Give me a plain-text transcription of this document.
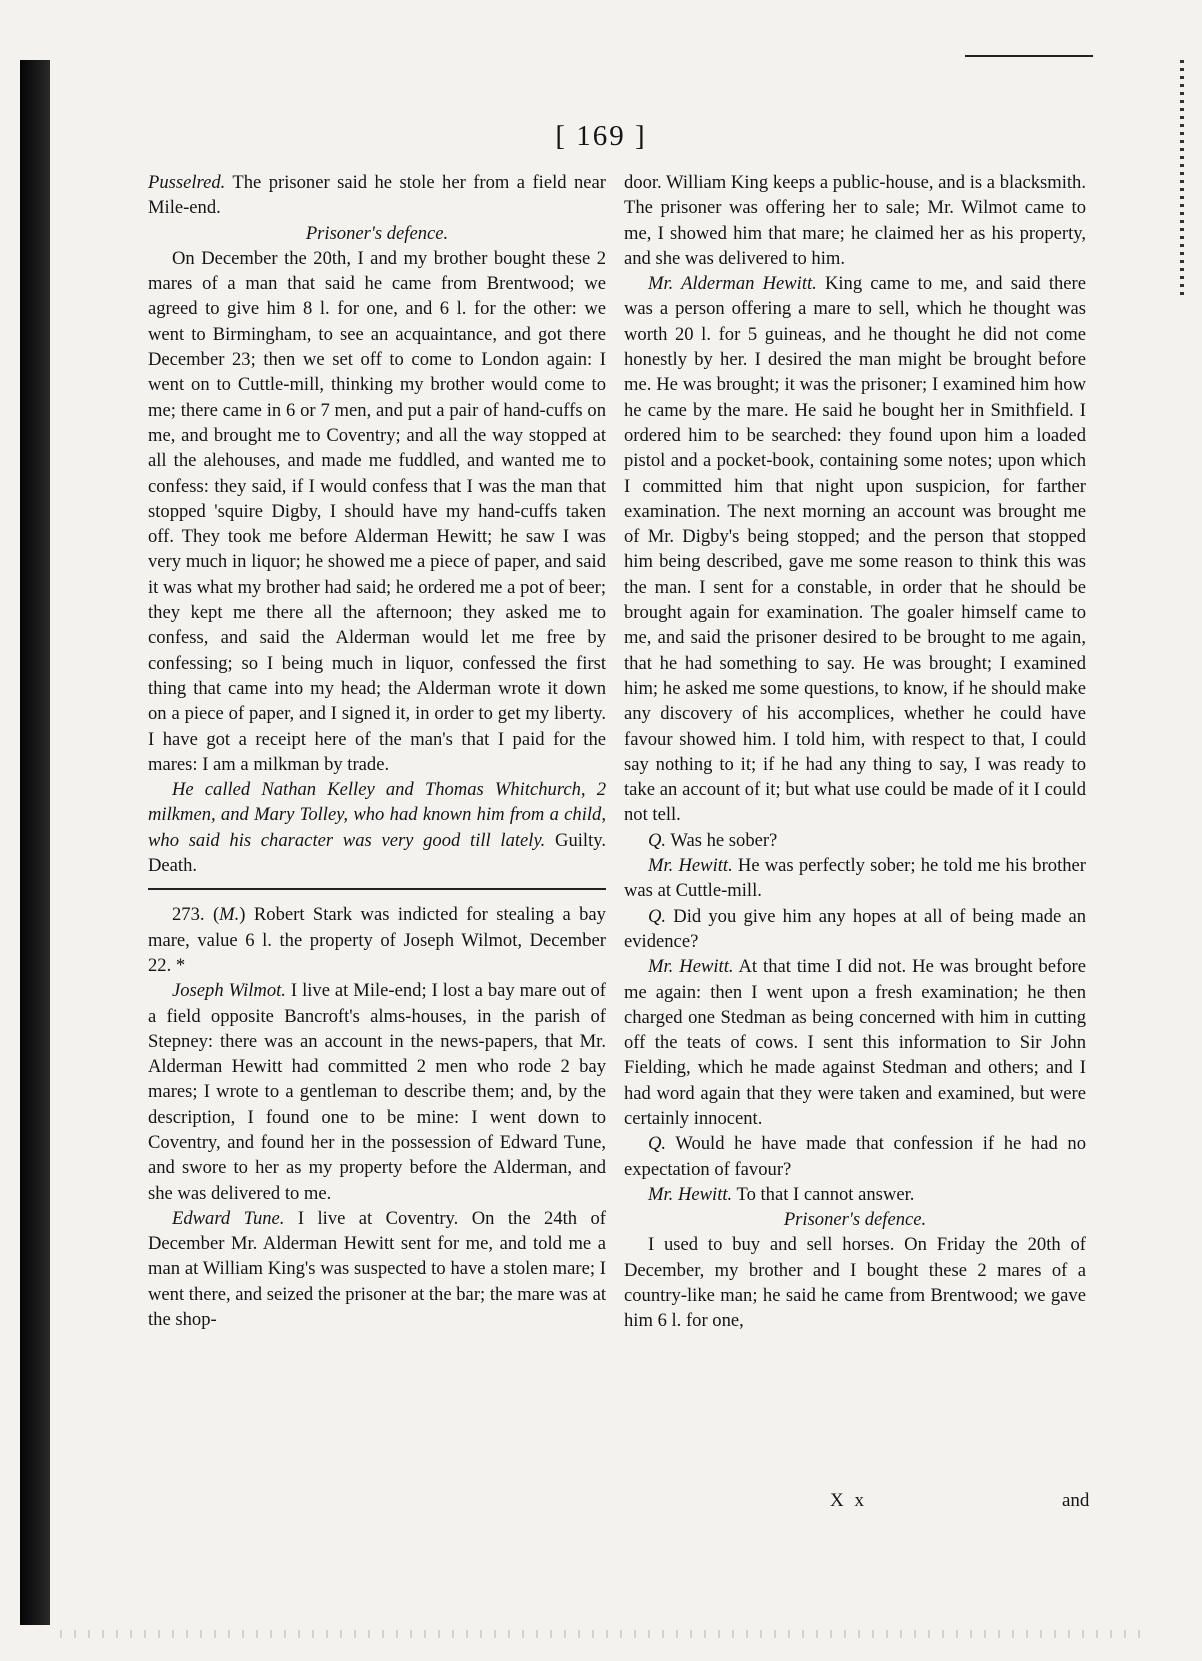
[ 169 ]

Pusselred. The prisoner said he stole her from a field near Mile-end.

Prisoner's defence.

On December the 20th, I and my brother bought these 2 mares of a man that said he came from Brentwood; we agreed to give him 8 l. for one, and 6 l. for the other: we went to Birmingham, to see an acquaintance, and got there December 23; then we set off to come to London again: I went on to Cuttle-mill, thinking my brother would come to me; there came in 6 or 7 men, and put a pair of hand-cuffs on me, and brought me to Coventry; and all the way stopped at all the alehouses, and made me fuddled, and wanted me to confess: they said, if I would confess that I was the man that stopped 'squire Digby, I should have my hand-cuffs taken off. They took me before Alderman Hewitt; he saw I was very much in liquor; he showed me a piece of paper, and said it was what my brother had said; he ordered me a pot of beer; they kept me there all the afternoon; they asked me to confess, and said the Alderman would let me free by confessing; so I being much in liquor, confessed the first thing that came into my head; the Alderman wrote it down on a piece of paper, and I signed it, in order to get my liberty. I have got a receipt here of the man's that I paid for the mares: I am a milkman by trade.

He called Nathan Kelley and Thomas Whitchurch, 2 milkmen, and Mary Tolley, who had known him from a child, who said his character was very good till lately. Guilty. Death.

273. (M.) Robert Stark was indicted for stealing a bay mare, value 6 l. the property of Joseph Wilmot, December 22. *

Joseph Wilmot. I live at Mile-end; I lost a bay mare out of a field opposite Bancroft's alms-houses, in the parish of Stepney: there was an account in the news-papers, that Mr. Alderman Hewitt had committed 2 men who rode 2 bay mares; I wrote to a gentleman to describe them; and, by the description, I found one to be mine: I went down to Coventry, and found her in the possession of Edward Tune, and swore to her as my property before the Alderman, and she was delivered to me.

Edward Tune. I live at Coventry. On the 24th of December Mr. Alderman Hewitt sent for me, and told me a man at William King's was suspected to have a stolen mare; I went there, and seized the prisoner at the bar; the mare was at the shop-

door. William King keeps a public-house, and is a blacksmith. The prisoner was offering her to sale; Mr. Wilmot came to me, I showed him that mare; he claimed her as his property, and she was delivered to him.

Mr. Alderman Hewitt. King came to me, and said there was a person offering a mare to sell, which he thought was worth 20 l. for 5 guineas, and he thought he did not come honestly by her. I desired the man might be brought before me. He was brought; it was the prisoner; I examined him how he came by the mare. He said he bought her in Smithfield. I ordered him to be searched: they found upon him a loaded pistol and a pocket-book, containing some notes; upon which I committed him that night upon suspicion, for farther examination. The next morning an account was brought me of Mr. Digby's being stopped; and the person that stopped him being described, gave me some reason to think this was the man. I sent for a constable, in order that he should be brought again for examination. The goaler himself came to me, and said the prisoner desired to be brought to me again, that he had something to say. He was brought; I examined him; he asked me some questions, to know, if he should make any discovery of his accomplices, whether he could have favour showed him. I told him, with respect to that, I could say nothing to it; if he had any thing to say, I was ready to take an account of it; but what use could be made of it I could not tell.

Q. Was he sober?

Mr. Hewitt. He was perfectly sober; he told me his brother was at Cuttle-mill.

Q. Did you give him any hopes at all of being made an evidence?

Mr. Hewitt. At that time I did not. He was brought before me again: then I went upon a fresh examination; he then charged one Stedman as being concerned with him in cutting off the teats of cows. I sent this information to Sir John Fielding, which he made against Stedman and others; and I had word again that they were taken and examined, but were certainly innocent.

Q. Would he have made that confession if he had no expectation of favour?

Mr. Hewitt. To that I cannot answer.

Prisoner's defence.

I used to buy and sell horses. On Friday the 20th of December, my brother and I bought these 2 mares of a country-like man; he said he came from Brentwood; we gave him 6 l. for one,

X x	and
